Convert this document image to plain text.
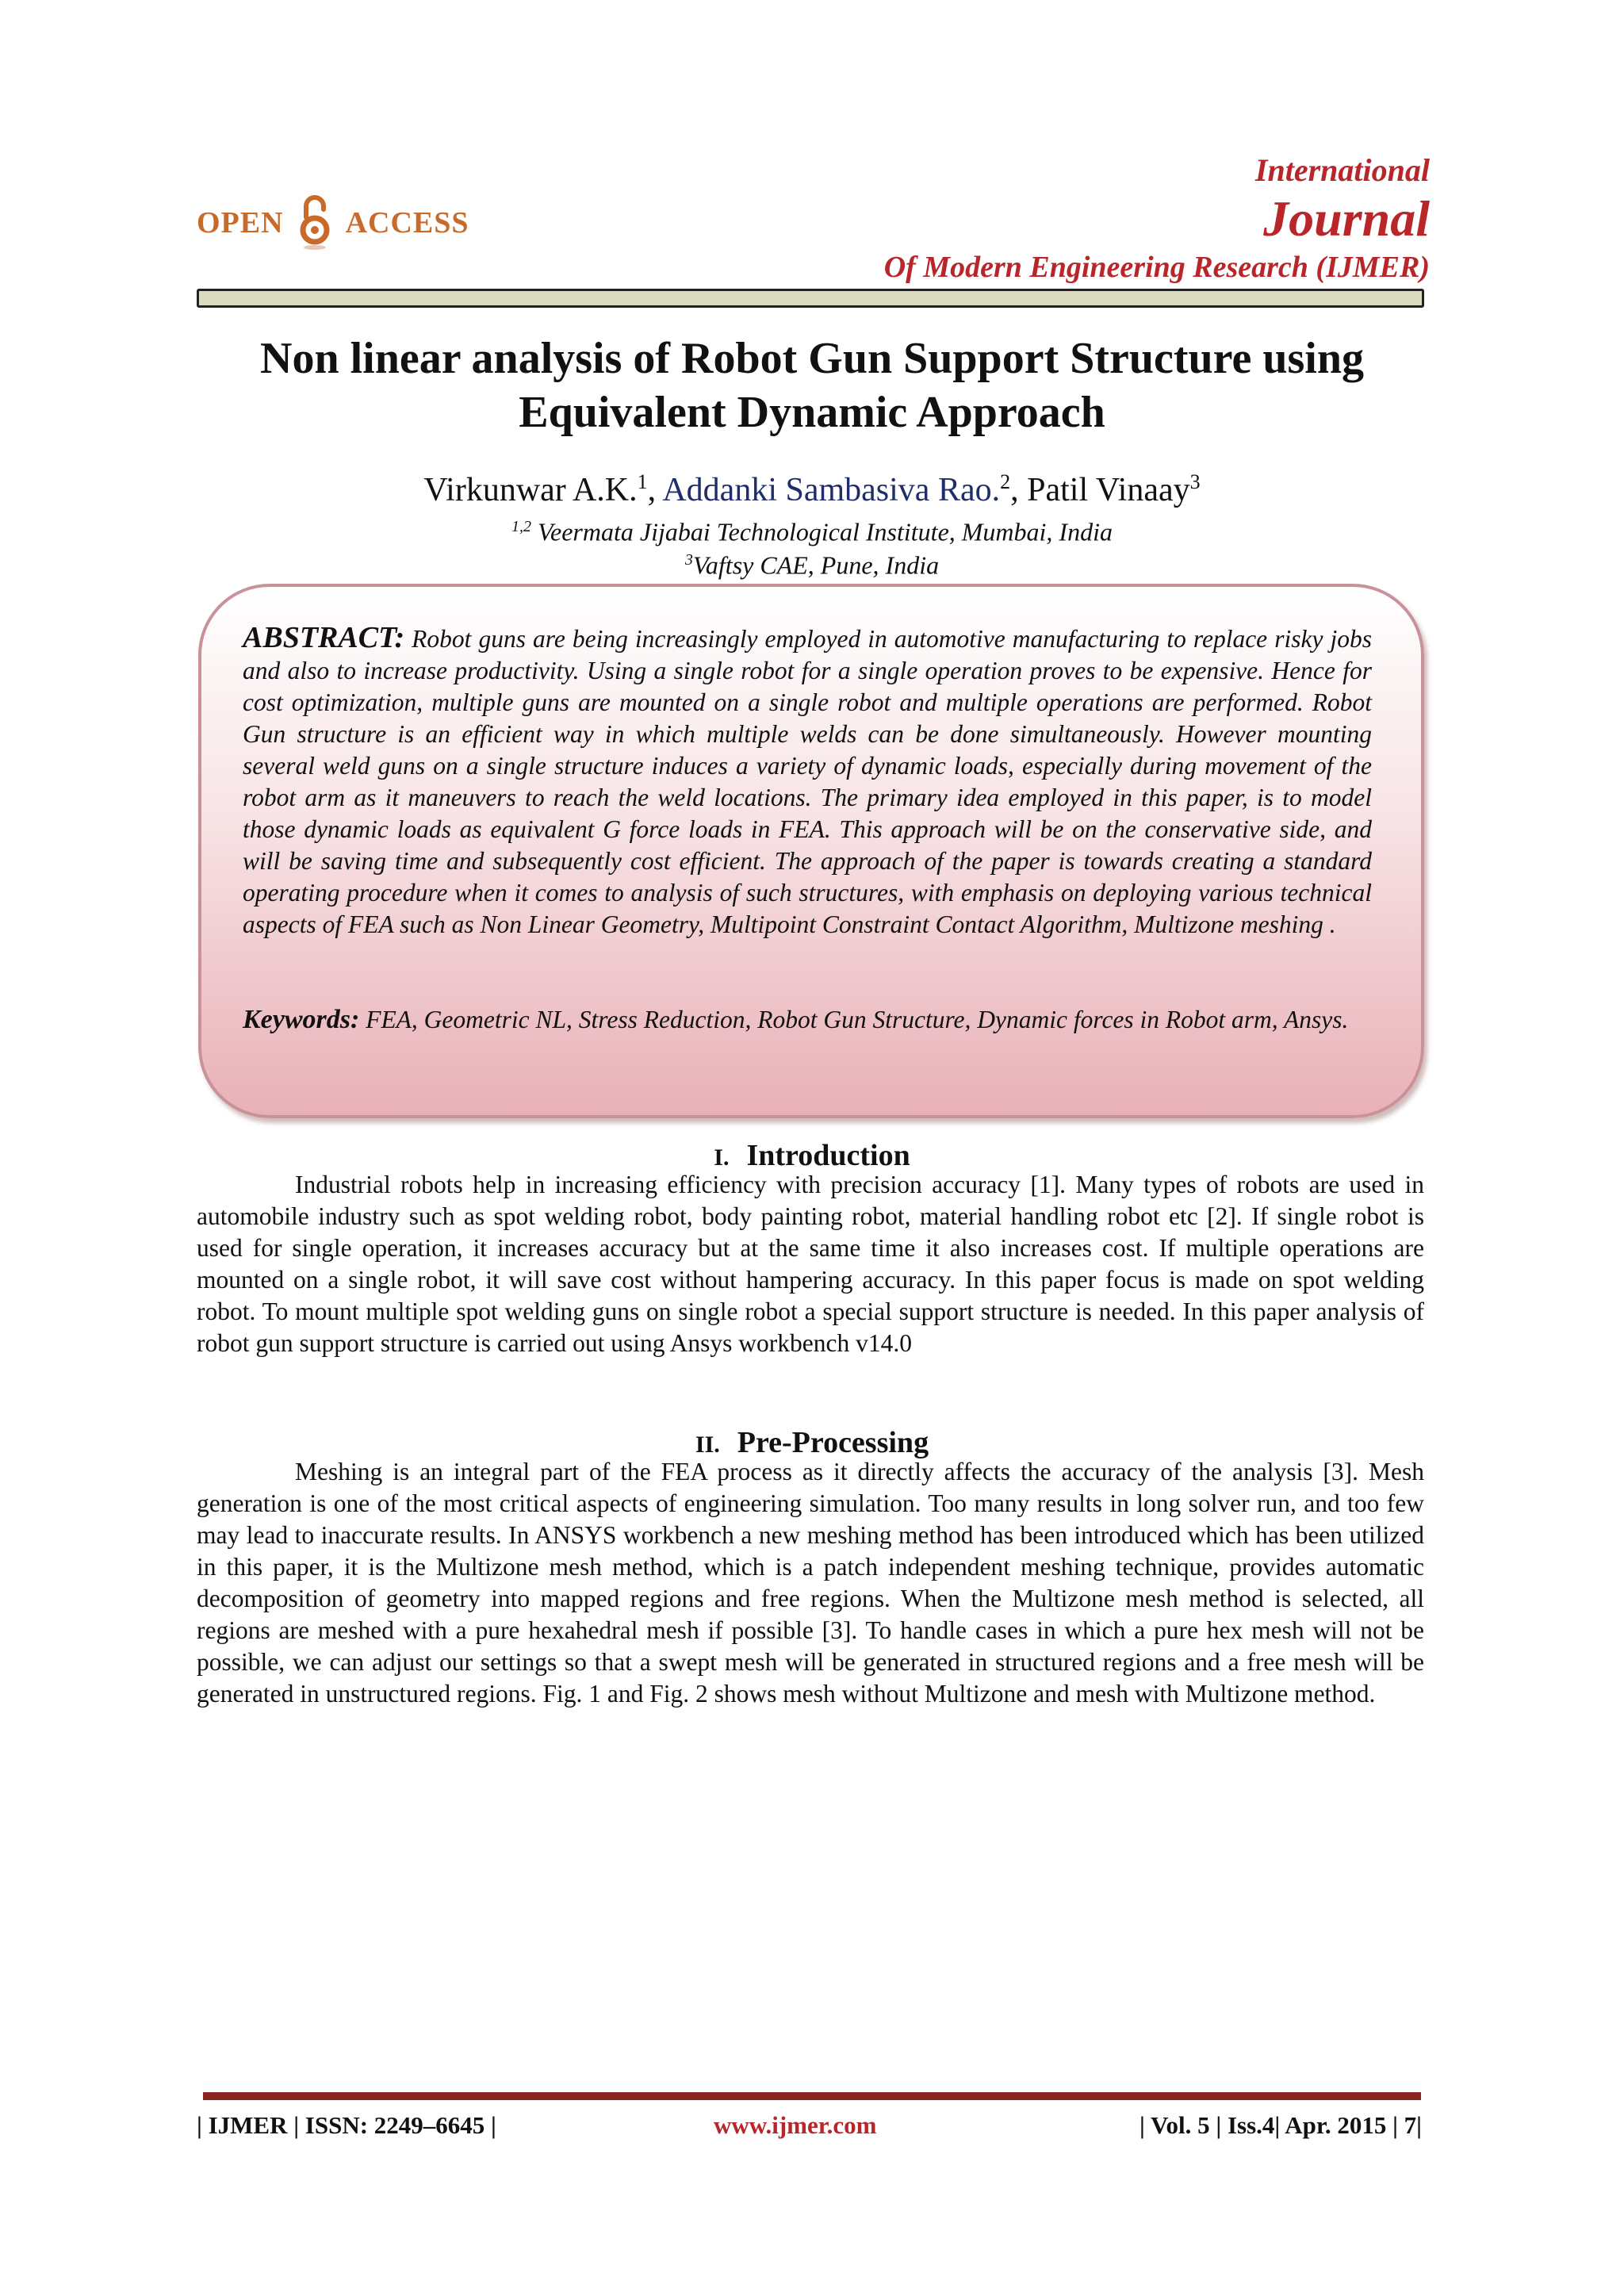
OPEN ACCESS
International
Journal
Of Modern Engineering Research (IJMER)
Non linear analysis of Robot Gun Support Structure using Equivalent Dynamic Approach
Virkunwar A.K.$^1$, Addanki Sambasiva Rao.$^2$, Patil Vinaay$^3$
$^{1,2}$ Veermata Jijabai Technological Institute, Mumbai, India
$^3$Vaftsy CAE, Pune, India
ABSTRACT: Robot guns are being increasingly employed in automotive manufacturing to replace risky jobs and also to increase productivity. Using a single robot for a single operation proves to be expensive. Hence for cost optimization, multiple guns are mounted on a single robot and multiple operations are performed. Robot Gun structure is an efficient way in which multiple welds can be done simultaneously. However mounting several weld guns on a single structure induces a variety of dynamic loads, especially during movement of the robot arm as it maneuvers to reach the weld locations. The primary idea employed in this paper, is to model those dynamic loads as equivalent G force loads in FEA. This approach will be on the conservative side, and will be saving time and subsequently cost efficient. The approach of the paper is towards creating a standard operating procedure when it comes to analysis of such structures, with emphasis on deploying various technical aspects of FEA such as Non Linear Geometry, Multipoint Constraint Contact Algorithm, Multizone meshing .
Keywords: FEA, Geometric NL, Stress Reduction, Robot Gun Structure, Dynamic forces in Robot arm, Ansys.
I. Introduction
Industrial robots help in increasing efficiency with precision accuracy [1]. Many types of robots are used in automobile industry such as spot welding robot, body painting robot, material handling robot etc [2]. If single robot is used for single operation, it increases accuracy but at the same time it also increases cost. If multiple operations are mounted on a single robot, it will save cost without hampering accuracy. In this paper focus is made on spot welding robot. To mount multiple spot welding guns on single robot a special support structure is needed. In this paper analysis of robot gun support structure is carried out using Ansys workbench v14.0
II. Pre-Processing
Meshing is an integral part of the FEA process as it directly affects the accuracy of the analysis [3]. Mesh generation is one of the most critical aspects of engineering simulation. Too many results in long solver run, and too few may lead to inaccurate results. In ANSYS workbench a new meshing method has been introduced which has been utilized in this paper, it is the Multizone mesh method, which is a patch independent meshing technique, provides automatic decomposition of geometry into mapped regions and free regions. When the Multizone mesh method is selected, all regions are meshed with a pure hexahedral mesh if possible [3]. To handle cases in which a pure hex mesh will not be possible, we can adjust our settings so that a swept mesh will be generated in structured regions and a free mesh will be generated in unstructured regions. Fig. 1 and Fig. 2 shows mesh without Multizone and mesh with Multizone method.
| IJMER | ISSN: 2249–6645 |	www.ijmer.com	| Vol. 5 | Iss.4| Apr. 2015 | 7|
